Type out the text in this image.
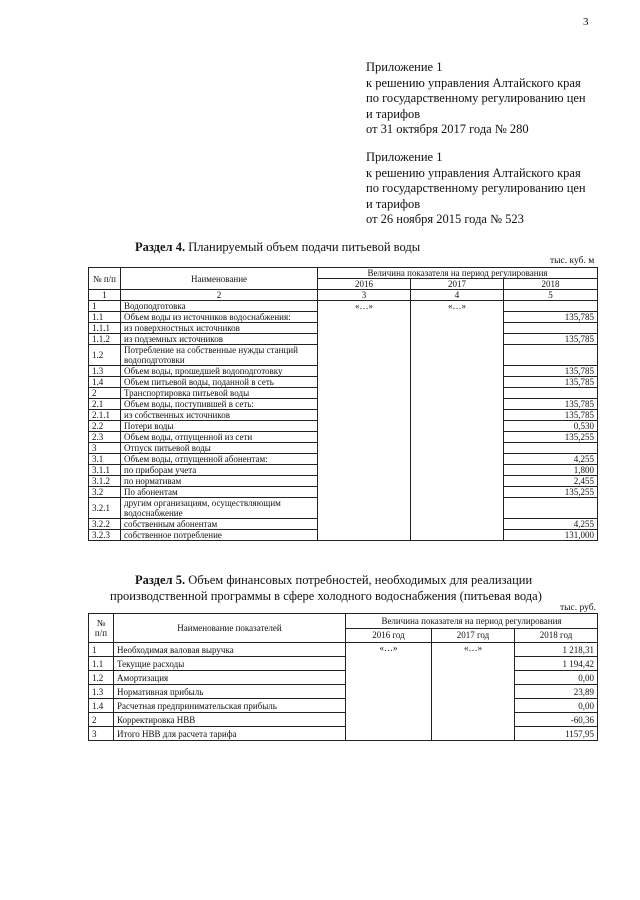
3
Приложение 1
к решению управления Алтайского края
по государственному регулированию цен
и тарифов
от 31 октября 2017 года № 280
Приложение 1
к решению управления Алтайского края
по государственному регулированию цен
и тарифов
от 26 ноября 2015 года № 523
Раздел 4. Планируемый объем подачи питьевой воды
тыс. куб. м
№ п/п	Наименование	Величина показателя на период регулирования		
		2016	2017	2018
1	2	3	4	5
1	Водоподготовка	«…»	«…»	
1.1	Объем воды из источников водоснабжения:			135,785
1.1.1	из поверхностных источников			
1.1.2	из подземных источников			135,785
1.2	Потребление на собственные нужды станций водоподготовки			
1.3	Объем воды, прошедшей водоподготовку			135,785
1.4	Объем питьевой воды, поданной в сеть			135,785
2	Транспортировка питьевой воды			
2.1	Объем воды, поступившей в сеть:			135,785
2.1.1	из собственных источников			135,785
2.2	Потери воды			0,530
2.3	Объем воды, отпущенной из сети			135,255
3	Отпуск питьевой воды			
3.1	Объем воды, отпущенной абонентам:			4,255
3.1.1	по приборам учета			1,800
3.1.2	по нормативам			2,455
3.2	По абонентам			135,255
3.2.1	другим организациям, осуществляющим водоснабжение			
3.2.2	собственным абонентам			4,255
3.2.3	собственное потребление			131,000
Раздел 5. Объем финансовых потребностей, необходимых для реализации производственной программы в сфере холодного водоснабжения (питьевая вода)
тыс. руб.
№ п/п	Наименование показателей	Величина показателя на период регулирования		
		2016 год	2017 год	2018 год
1	Необходимая валовая выручка	«…»	«…»	1 218,31
1.1	Текущие расходы			1 194,42
1.2	Амортизация			0,00
1.3	Нормативная прибыль			23,89
1.4	Расчетная предпринимательская прибыль			0,00
2	Корректировка НВВ			-60,36
3	Итого НВВ для расчета тарифа			1157,95
